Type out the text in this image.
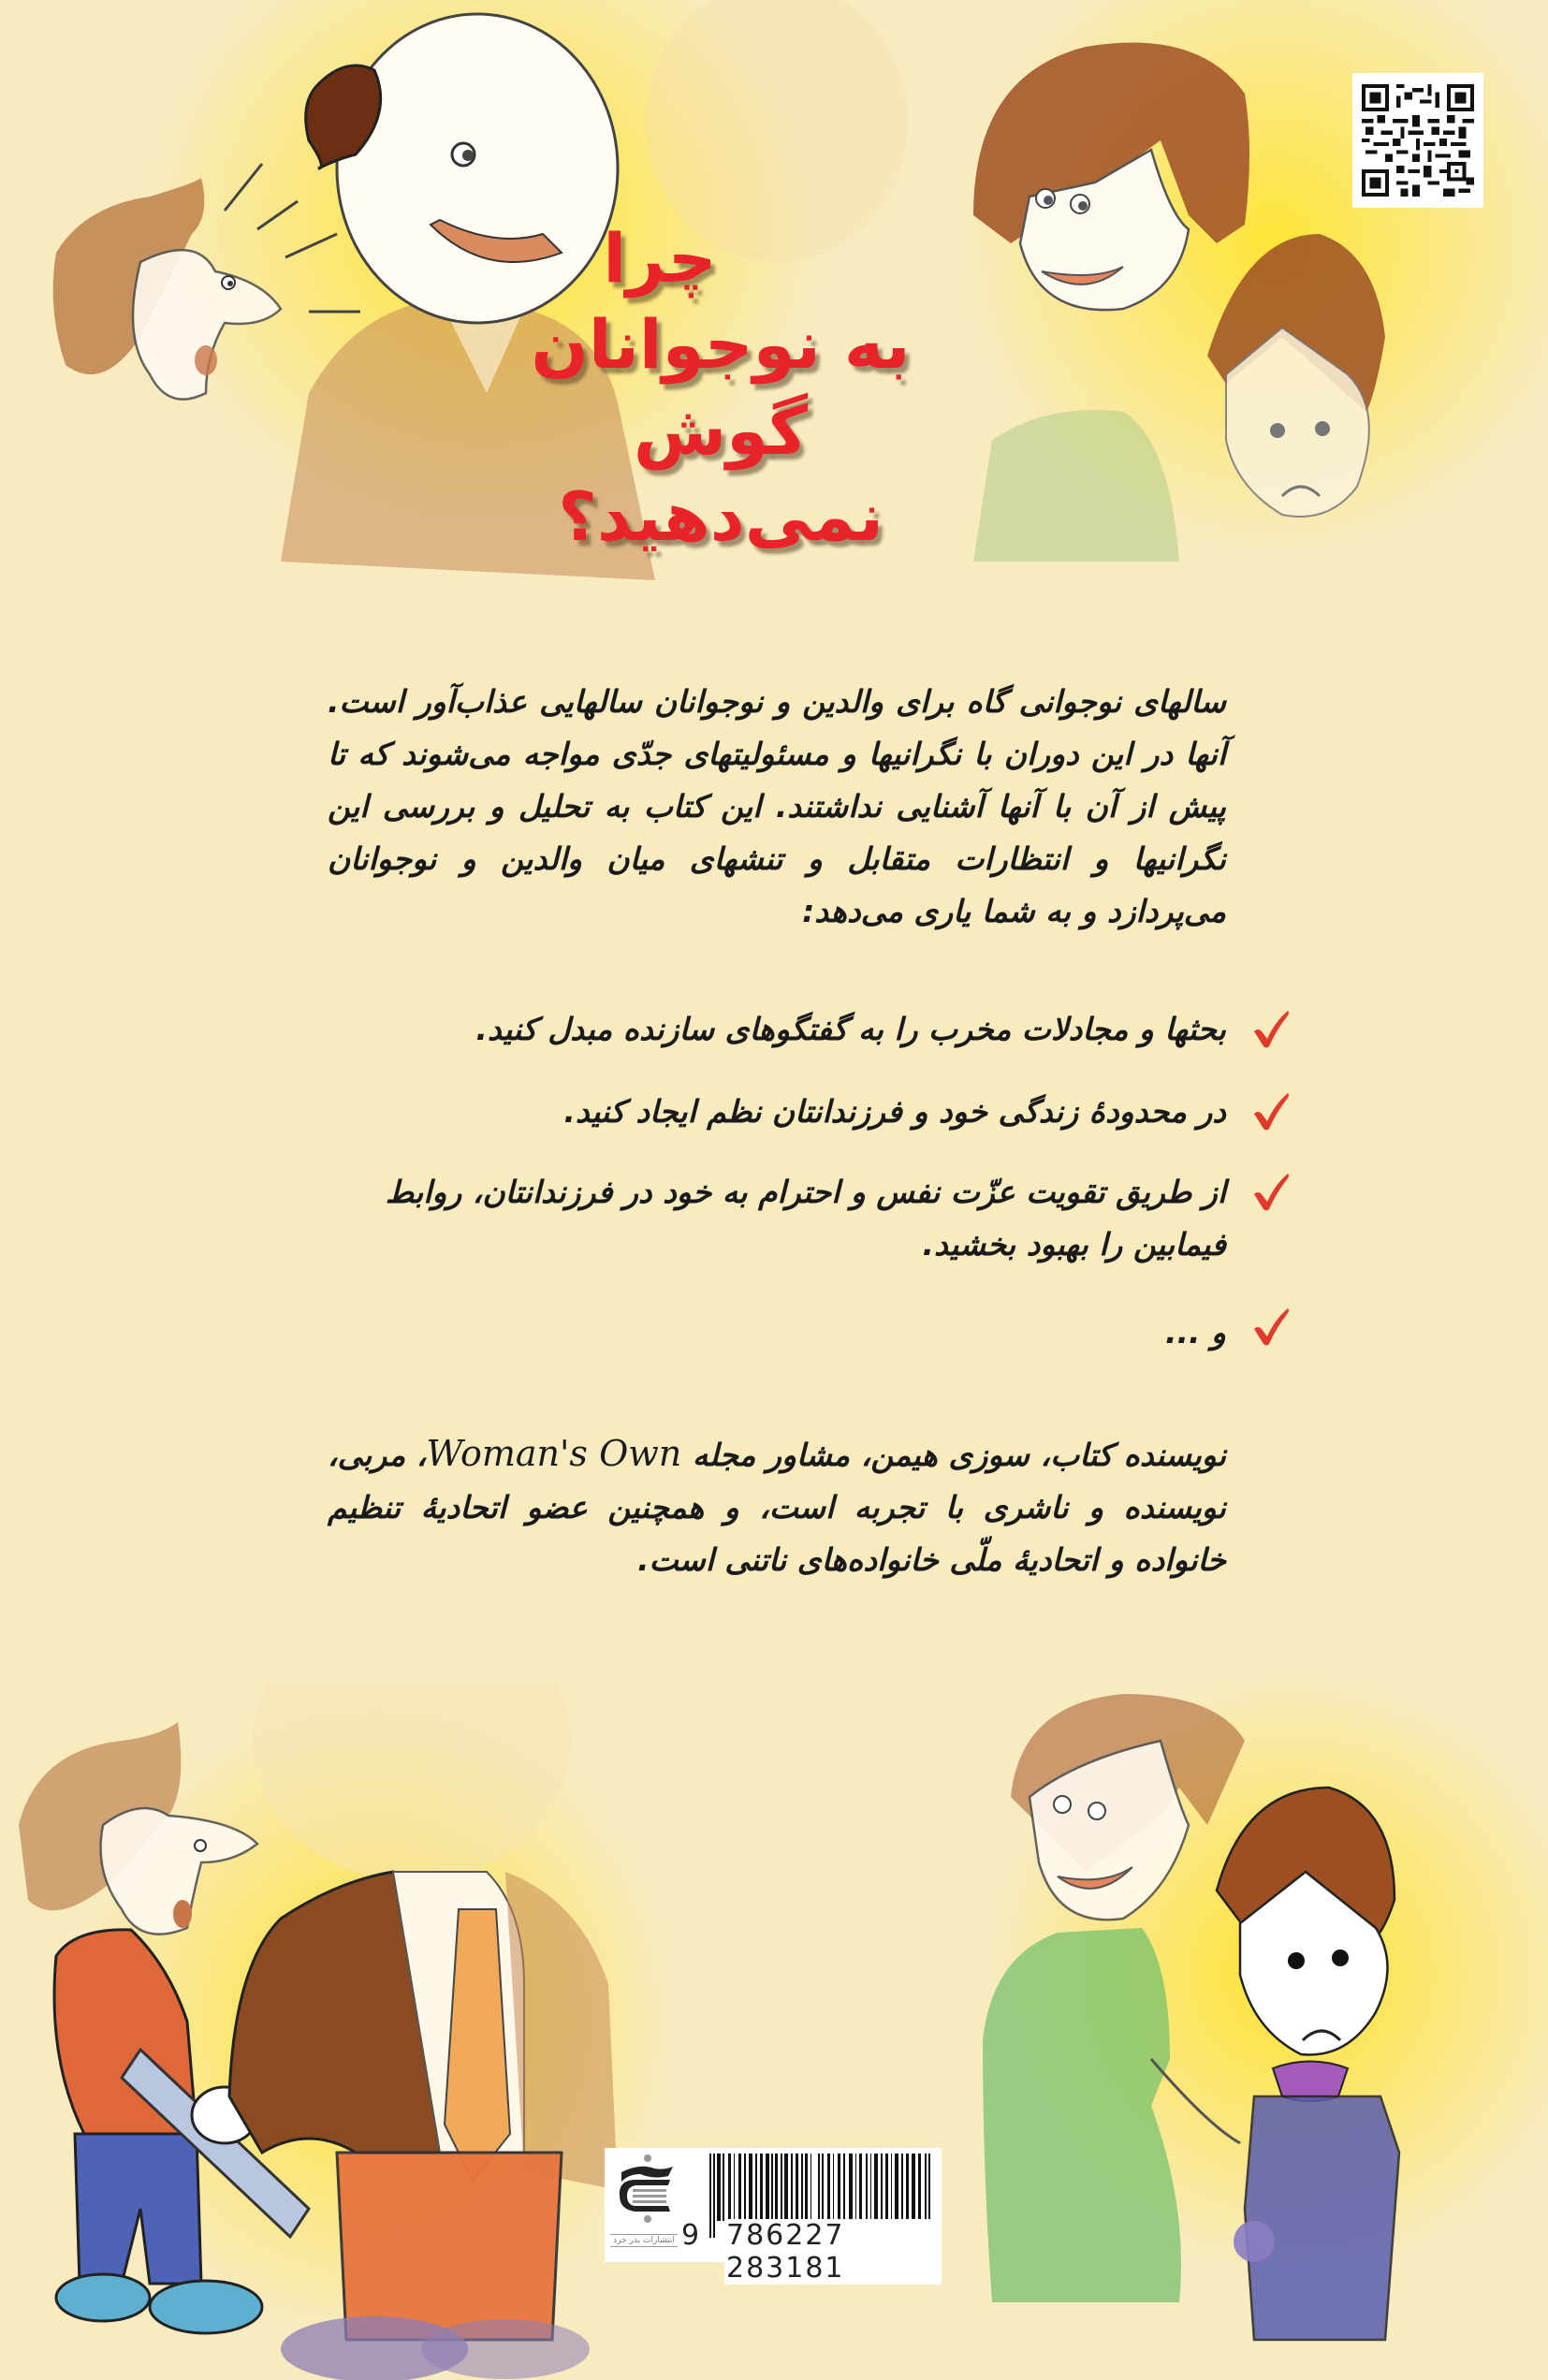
چرا
به نوجوانان
گوش نمی‌دهید؟

سالهای نوجوانی گاه برای والدین و نوجوانان سالهایی عذاب‌آور است. آنها در این دوران با نگرانیها و مسئولیتهای جدّی مواجه می‌شوند که تا پیش از آن با آنها آشنایی نداشتند. این کتاب به تحلیل و بررسی این نگرانیها و انتظارات متقابل و تنشهای میان والدین و نوجوانان می‌پردازد و به شما یاری می‌دهد:

بحثها و مجادلات مخرب را به گفتگوهای سازنده مبدل کنید.
در محدودهٔ زندگی خود و فرزندانتان نظم ایجاد کنید.
از طریق تقویت عزّت نفس و احترام به خود در فرزندانتان، روابط فیمابین را بهبود بخشید.
و ...
نویسنده کتاب، سوزی هیمن، مشاور مجله Woman's Own، مربی، نویسنده و ناشری با تجربه است، و همچنین عضو اتحادیهٔ تنظیم خانواده و اتحادیهٔ ملّی خانواده‌های ناتنی است.
انتشارات بذر خرد 9 786227 283181
